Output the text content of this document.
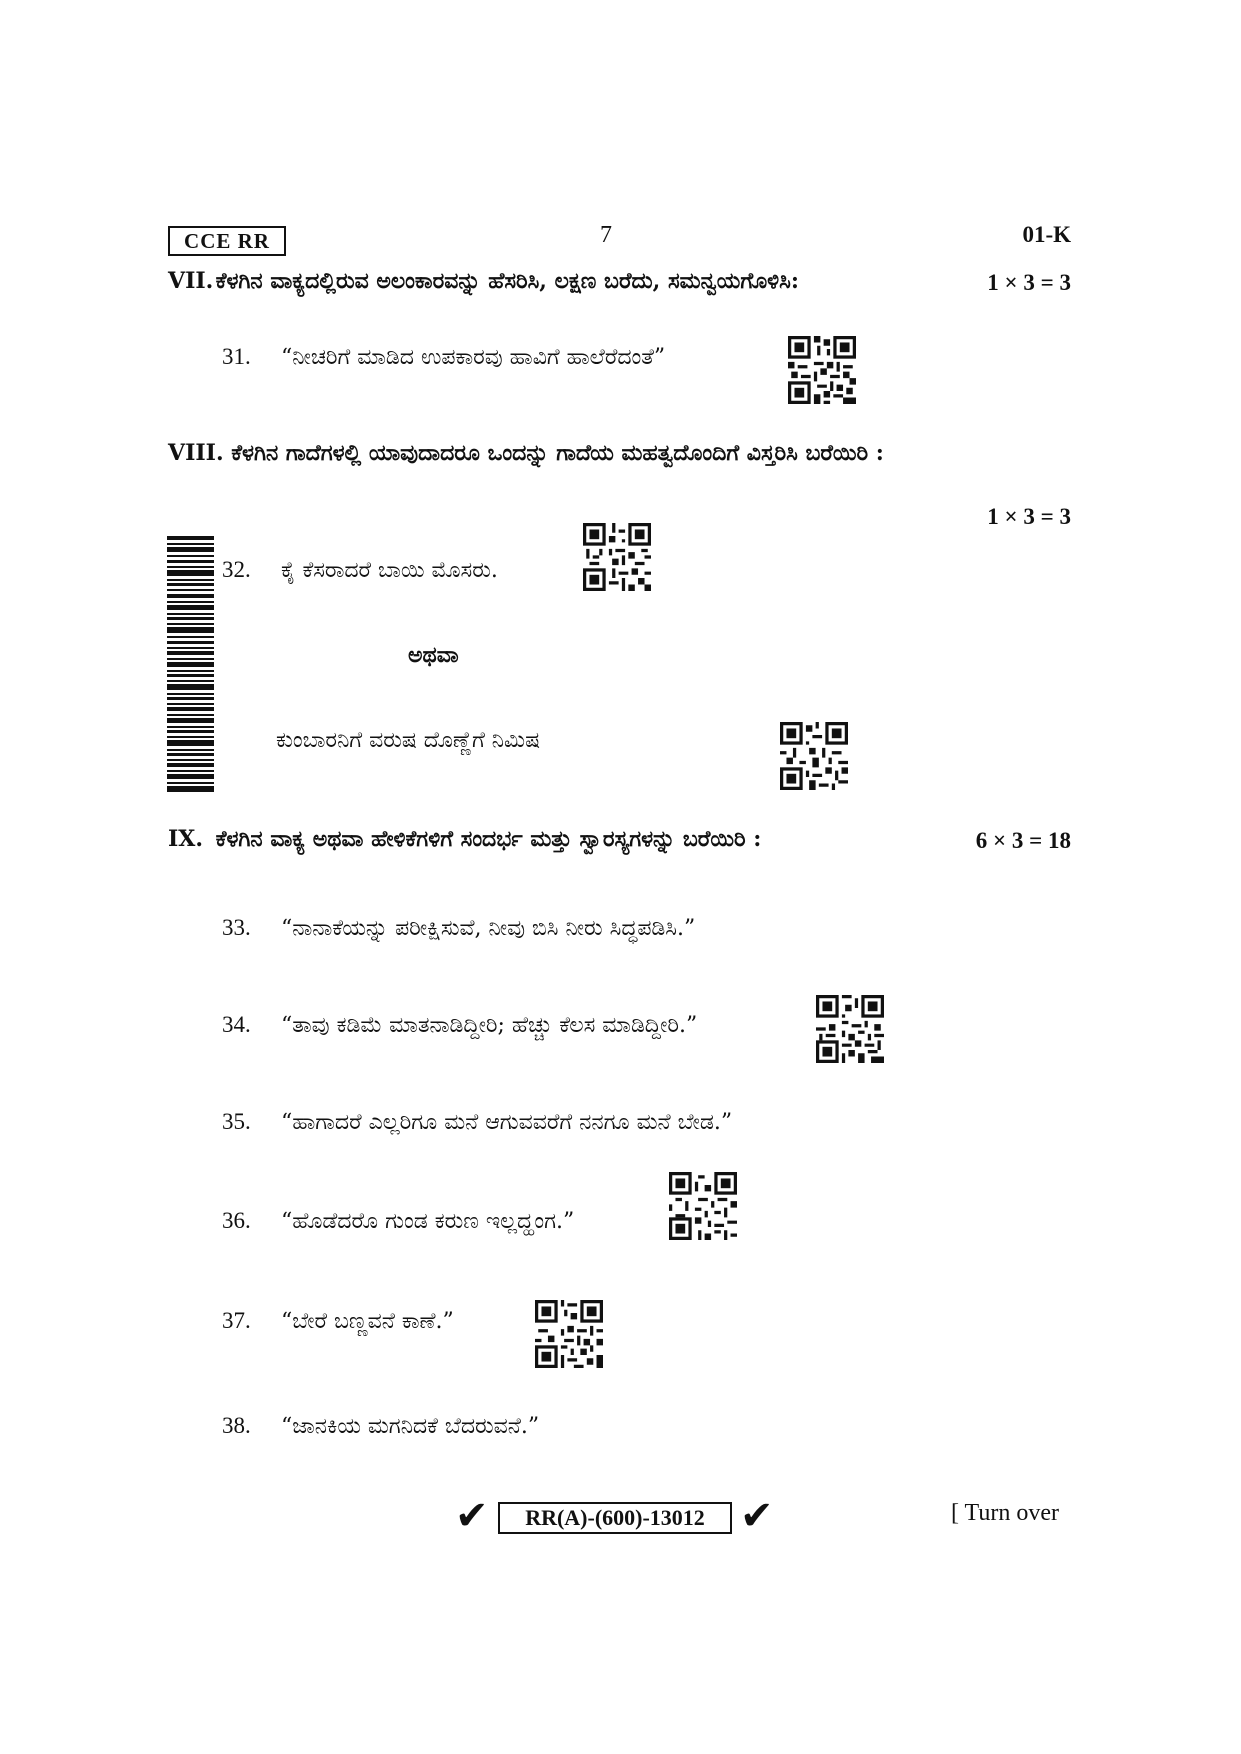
CCE RR	7	01-K
VII. ಕೆಳಗಿನ ವಾಕ್ಯದಲ್ಲಿರುವ ಅಲಂಕಾರವನ್ನು ಹೆಸರಿಸಿ, ಲಕ್ಷಣ ಬರೆದು, ಸಮನ್ವಯಗೊಳಿಸಿ:	1 × 3 = 3
31. “ನೀಚರಿಗೆ ಮಾಡಿದ ಉಪಕಾರವು ಹಾವಿಗೆ ಹಾಲೆರೆದಂತೆ”
VIII. ಕೆಳಗಿನ ಗಾದೆಗಳಲ್ಲಿ ಯಾವುದಾದರೂ ಒಂದನ್ನು ಗಾದೆಯ ಮಹತ್ವದೊಂದಿಗೆ ವಿಸ್ತರಿಸಿ ಬರೆಯಿರಿ :
1 × 3 = 3
32. ಕೈ ಕೆಸರಾದರೆ ಬಾಯಿ ಮೊಸರು.
ಅಥವಾ
ಕುಂಬಾರನಿಗೆ ವರುಷ ದೊಣ್ಣೆಗೆ ನಿಮಿಷ
IX. ಕೆಳಗಿನ ವಾಕ್ಯ ಅಥವಾ ಹೇಳಿಕೆಗಳಿಗೆ ಸಂದರ್ಭ ಮತ್ತು ಸ್ವಾರಸ್ಯಗಳನ್ನು ಬರೆಯಿರಿ :	6 × 3 = 18
33. “ನಾನಾಕೆಯನ್ನು ಪರೀಕ್ಷಿಸುವೆ, ನೀವು ಬಿಸಿ ನೀರು ಸಿದ್ಧಪಡಿಸಿ.”
34. “ತಾವು ಕಡಿಮೆ ಮಾತನಾಡಿದ್ದೀರಿ; ಹೆಚ್ಚು ಕೆಲಸ ಮಾಡಿದ್ದೀರಿ.”
35. “ಹಾಗಾದರೆ ಎಲ್ಲರಿಗೂ ಮನೆ ಆಗುವವರೆಗೆ ನನಗೂ ಮನೆ ಬೇಡ.”
36. “ಹೊಡೆದರೊ ಗುಂಡ ಕರುಣ ಇಲ್ಲದ್ಹಂಗ.”
37. “ಬೇರೆ ಬಣ್ಣವನೆ ಕಾಣೆ.”
38. “ಜಾನಕಿಯ ಮಗನಿದಕೆ ಬೆದರುವನೆ.”
✔	RR(A)-(600)-13012 ✔	[ Turn over
